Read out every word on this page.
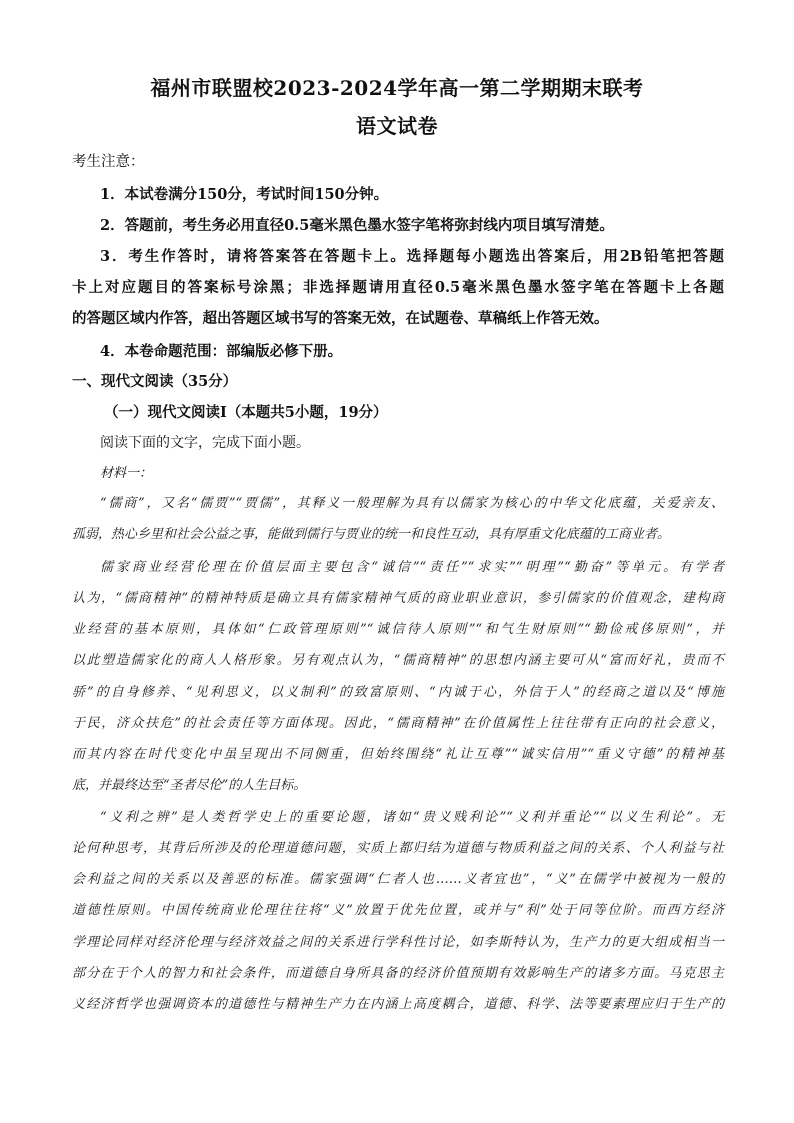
福州市联盟校2023-2024学年高一第二学期期末联考
语文试卷
考生注意：
1．本试卷满分150分，考试时间150分钟。
2．答题前，考生务必用直径0.5毫米黑色墨水签字笔将弥封线内项目填写清楚。
3．考生作答时，请将答案答在答题卡上。选择题每小题选出答案后，用2B铅笔把答题
卡上对应题目的答案标号涂黑；非选择题请用直径0.5毫米黑色墨水签字笔在答题卡上各题
的答题区域内作答，超出答题区域书写的答案无效，在试题卷、草稿纸上作答无效。
4．本卷命题范围：部编版必修下册。
一、现代文阅读（35分）
（一）现代文阅读Ⅰ（本题共5小题，19分）
阅读下面的文字，完成下面小题。
材料一：
“儒商”，又名“儒贾”“贾儒”，其释义一般理解为具有以儒家为核心的中华文化底蕴，关爱亲友、
孤弱，热心乡里和社会公益之事，能做到儒行与贾业的统一和良性互动，具有厚重文化底蕴的工商业者。
儒家商业经营伦理在价值层面主要包含“诚信”“责任”“求实”“明理”“勤奋”等单元。有学者
认为，“儒商精神”的精神特质是确立具有儒家精神气质的商业职业意识，参引儒家的价值观念，建构商
业经营的基本原则，具体如“仁政管理原则”“诚信待人原则”“和气生财原则”“勤俭戒侈原则”，并
以此塑造儒家化的商人人格形象。另有观点认为，“儒商精神”的思想内涵主要可从“富而好礼，贵而不
骄”的自身修养、“见利思义，以义制利”的致富原则、“内诚于心，外信于人”的经商之道以及“博施
于民，济众扶危”的社会责任等方面体现。因此，“儒商精神”在价值属性上往往带有正向的社会意义，
而其内容在时代变化中虽呈现出不同侧重，但始终围绕“礼让互尊”“诚实信用”“重义守德”的精神基
底，并最终达至“圣者尽伦”的人生目标。
“义利之辨”是人类哲学史上的重要论题，诸如“贵义贱利论”“义利并重论”“以义生利论”。无
论何种思考，其背后所涉及的伦理道德问题，实质上都归结为道德与物质利益之间的关系、个人利益与社
会利益之间的关系以及善恶的标准。儒家强调“仁者人也……义者宜也”，“义”在儒学中被视为一般的
道德性原则。中国传统商业伦理往往将“义”放置于优先位置，或并与“利”处于同等位阶。而西方经济
学理论同样对经济伦理与经济效益之间的关系进行学科性讨论，如李斯特认为，生产力的更大组成相当一
部分在于个人的智力和社会条件，而道德自身所具备的经济价值预期有效影响生产的诸多方面。马克思主
义经济哲学也强调资本的道德性与精神生产力在内涵上高度耦合，道德、科学、法等要素理应归于生产的
